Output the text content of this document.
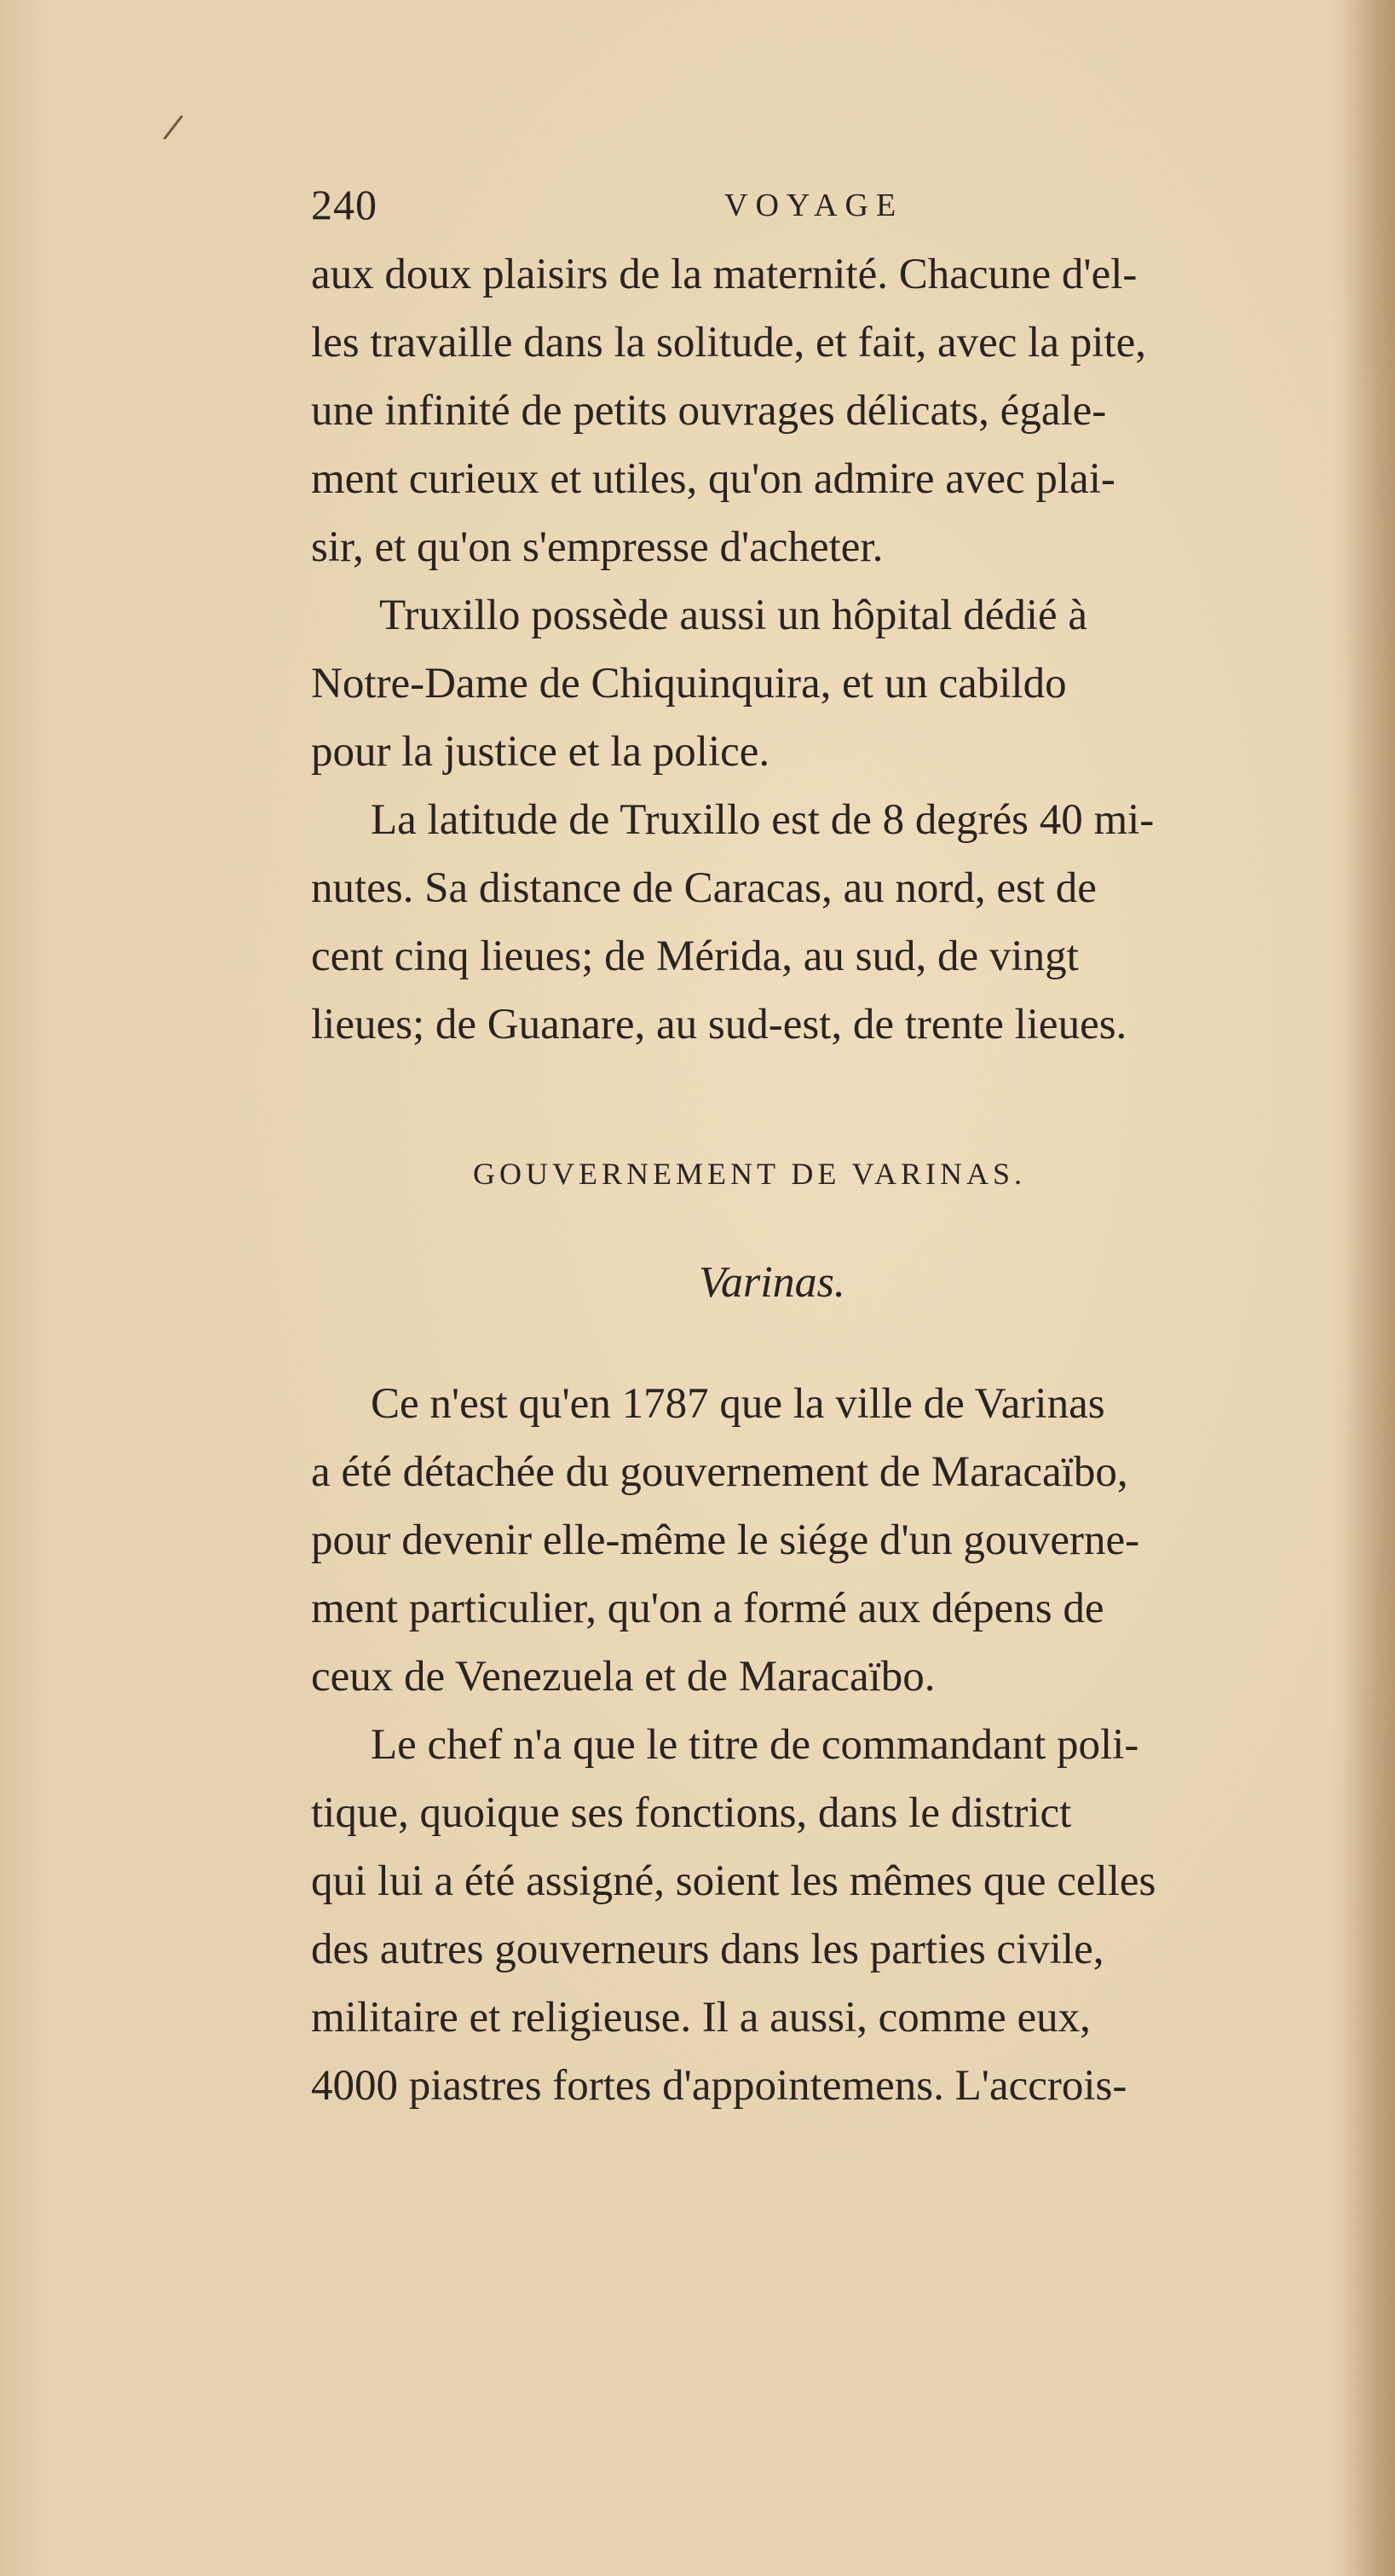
/
240	VOYAGE
aux doux plaisirs de la maternité. Chacune d'el-
les travaille dans la solitude, et fait, avec la pite,
une infinité de petits ouvrages délicats, égale-
ment curieux et utiles, qu'on admire avec plai-
sir, et qu'on s'empresse d'acheter.
Truxillo possède aussi un hôpital dédié à
Notre-Dame de Chiquinquira, et un cabildo
pour la justice et la police.
La latitude de Truxillo est de 8 degrés 40 mi-
nutes. Sa distance de Caracas, au nord, est de
cent cinq lieues; de Mérida, au sud, de vingt
lieues; de Guanare, au sud-est, de trente lieues.
Ce n'est qu'en 1787 que la ville de Varinas
a été détachée du gouvernement de Maracaïbo,
pour devenir elle-même le siége d'un gouverne-
ment particulier, qu'on a formé aux dépens de
ceux de Venezuela et de Maracaïbo.
Le chef n'a que le titre de commandant poli-
tique, quoique ses fonctions, dans le district
qui lui a été assigné, soient les mêmes que celles
des autres gouverneurs dans les parties civile,
militaire et religieuse. Il a aussi, comme eux,
4000 piastres fortes d'appointemens. L'accrois-
GOUVERNEMENT DE VARINAS.
Varinas.
